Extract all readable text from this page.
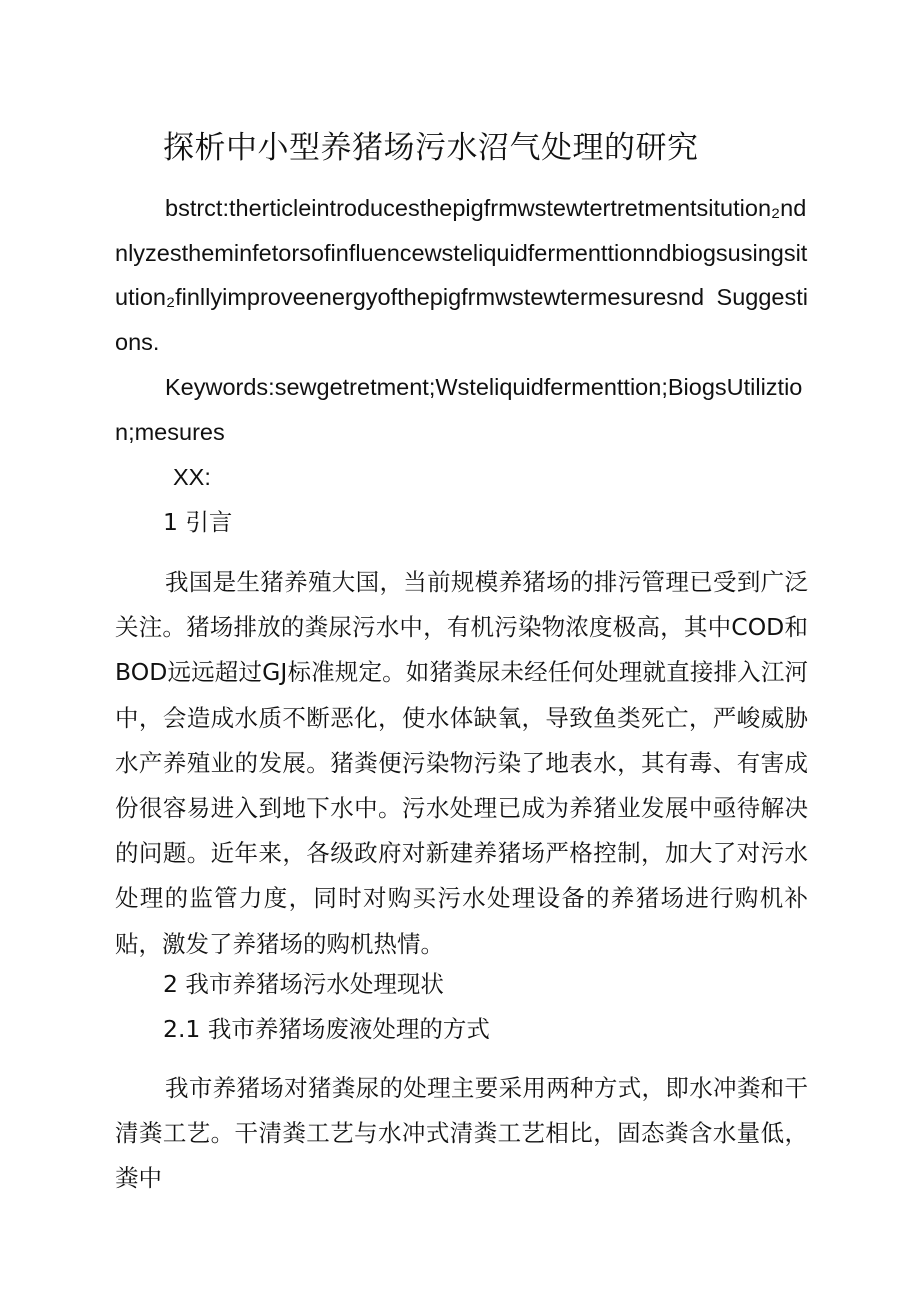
探析中小型养猪场污水沼气处理的研究

bstrct:therticleintroducesthepigfrmwstewtertretmentsitution₂ndnlyzestheminfetorsofinfluencewsteliquidfermenttionndbiogsusingsitution₂finllyimproveenergyofthepigfrmwstewtermesuresnd Suggestions.

Keywords:sewgetretment;Wsteliquidfermenttion;BiogsUtiliztion;mesures

XX:

1 引言

我国是生猪养殖大国，当前规模养猪场的排污管理已受到广泛关注。猪场排放的粪尿污水中，有机污染物浓度极高，其中COD和BOD远远超过GJ标准规定。如猪粪尿未经任何处理就直接排入江河中，会造成水质不断恶化，使水体缺氧，导致鱼类死亡，严峻威胁水产养殖业的发展。猪粪便污染物污染了地表水，其有毒、有害成份很容易进入到地下水中。污水处理已成为养猪业发展中亟待解决的问题。近年来，各级政府对新建养猪场严格控制，加大了对污水处理的监管力度，同时对购买污水处理设备的养猪场进行购机补贴，激发了养猪场的购机热情。

2 我市养猪场污水处理现状

2.1 我市养猪场废液处理的方式

我市养猪场对猪粪尿的处理主要采用两种方式，即水冲粪和干清粪工艺。干清粪工艺与水冲式清粪工艺相比，固态粪含水量低，粪中
